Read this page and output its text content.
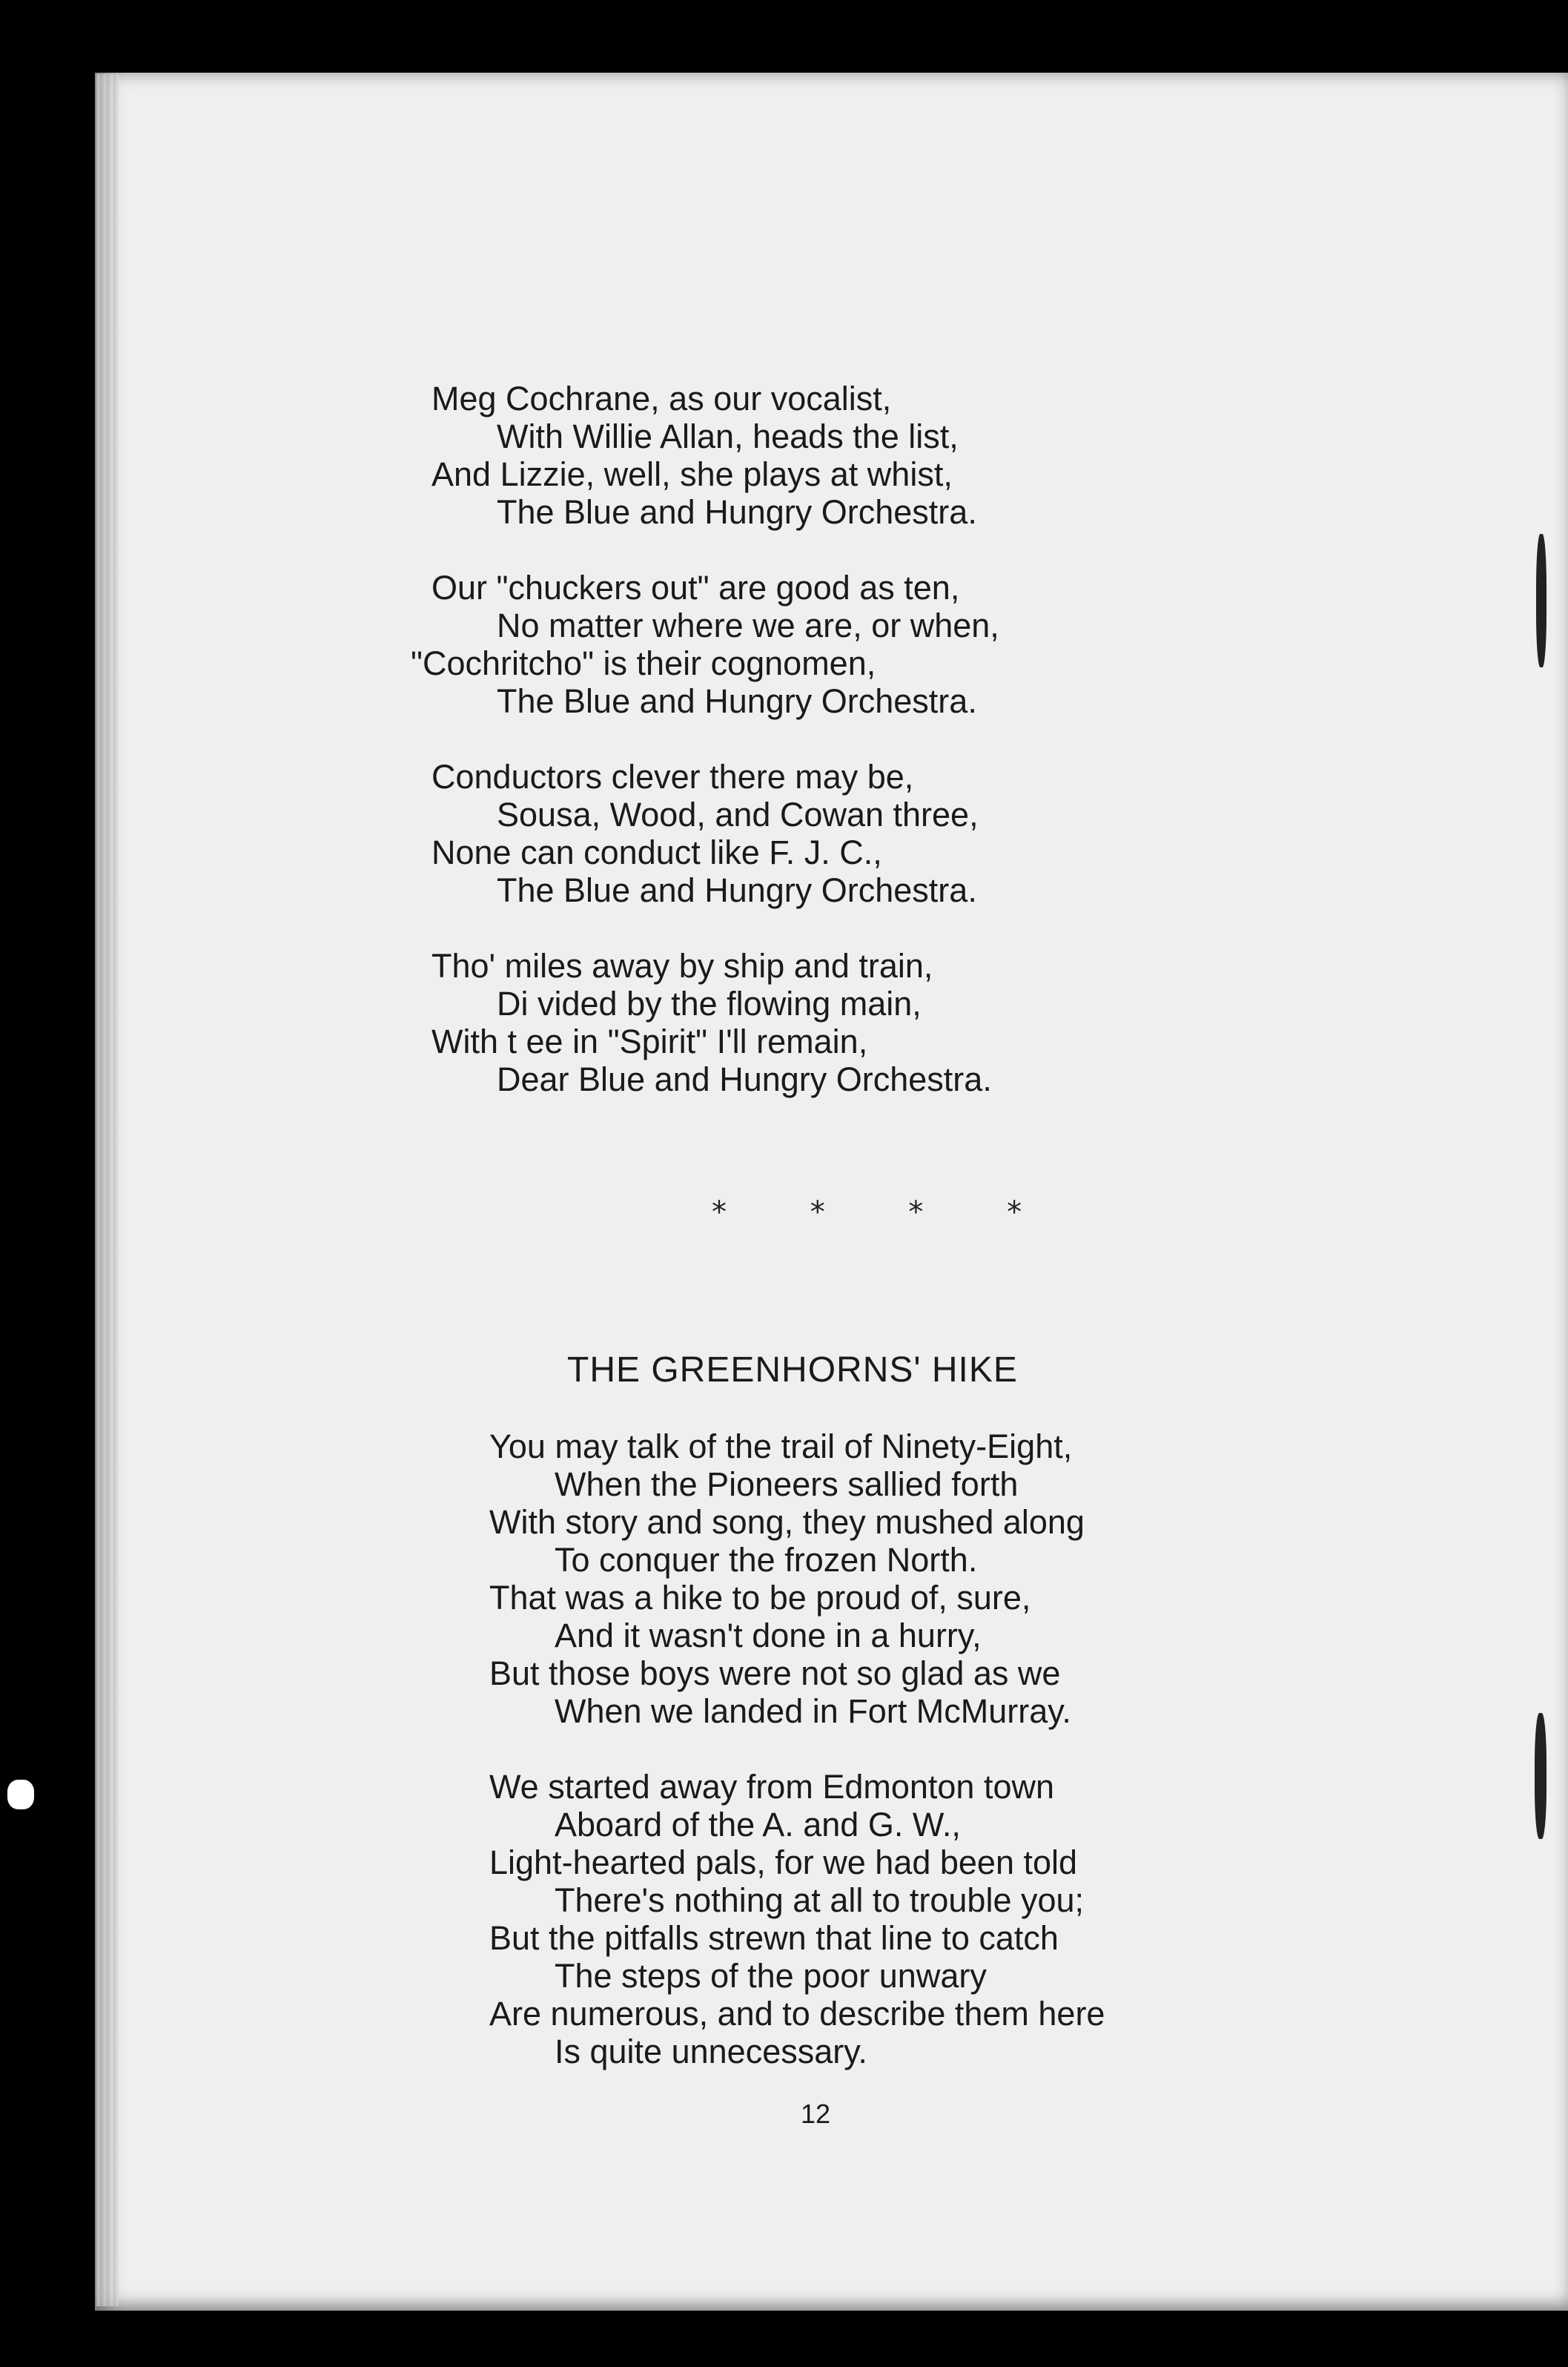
Meg Cochrane, as our vocalist,
With Willie Allan, heads the list,
And Lizzie, well, she plays at whist,
The Blue and Hungry Orchestra.
Our "chuckers out" are good as ten,
No matter where we are, or when,
"Cochritcho" is their cognomen,
The Blue and Hungry Orchestra.
Conductors clever there may be,
Sousa, Wood, and Cowan three,
None can conduct like F. J. C.,
The Blue and Hungry Orchestra.
Tho' miles away by ship and train,
Di vided by the flowing main,
With t ee in "Spirit" I'll remain,
Dear Blue and Hungry Orchestra.
* * * *
THE GREENHORNS' HIKE
You may talk of the trail of Ninety-Eight,
When the Pioneers sallied forth
With story and song, they mushed along
To conquer the frozen North.
That was a hike to be proud of, sure,
And it wasn't done in a hurry,
But those boys were not so glad as we
When we landed in Fort McMurray.
We started away from Edmonton town
Aboard of the A. and G. W.,
Light-hearted pals, for we had been told
There's nothing at all to trouble you;
But the pitfalls strewn that line to catch
The steps of the poor unwary
Are numerous, and to describe them here
Is quite unnecessary.
12
